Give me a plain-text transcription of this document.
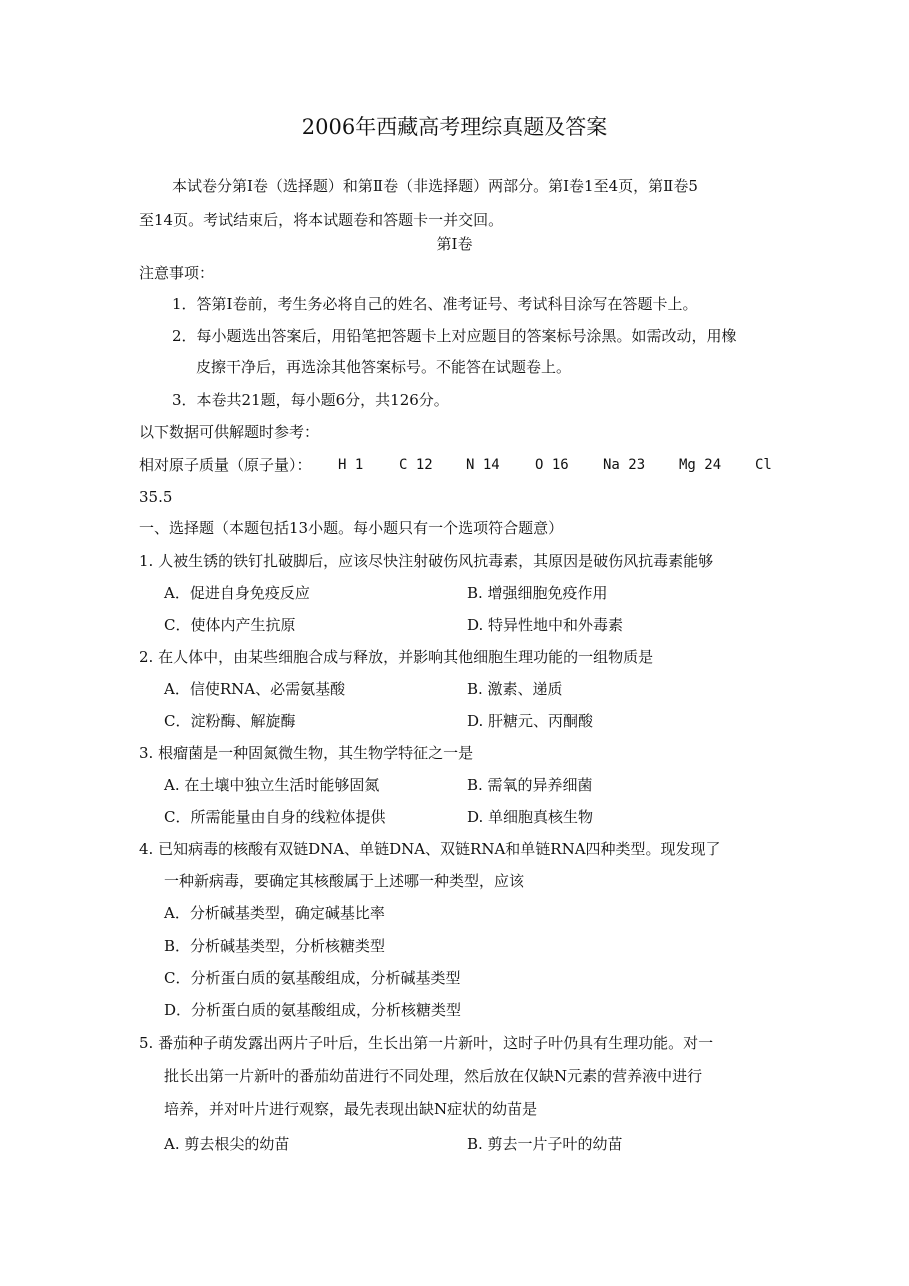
2006年西藏高考理综真题及答案
本试卷分第Ⅰ卷（选择题）和第Ⅱ卷（非选择题）两部分。第Ⅰ卷1至4页，第Ⅱ卷5
至14页。考试结束后，将本试题卷和答题卡一并交回。
第Ⅰ卷
注意事项：
1．答第Ⅰ卷前，考生务必将自己的姓名、准考证号、考试科目涂写在答题卡上。
2．每小题选出答案后，用铅笔把答题卡上对应题目的答案标号涂黑。如需改动，用橡
皮擦干净后，再选涂其他答案标号。不能答在试题卷上。
3．本卷共21题，每小题6分，共126分。
以下数据可供解题时参考：
相对原子质量（原子量）： H 1	C 12 N 14	O 16 Na 23 Mg 24 Cl
35.5
一、选择题（本题包括13小题。每小题只有一个选项符合题意）
1. 人被生锈的铁钉扎破脚后，应该尽快注射破伤风抗毒素，其原因是破伤风抗毒素能够
A．促进自身免疫反应	B. 增强细胞免疫作用
C．使体内产生抗原	D. 特异性地中和外毒素
2. 在人体中，由某些细胞合成与释放，并影响其他细胞生理功能的一组物质是
A．信使RNA、必需氨基酸	B. 激素、递质
C．淀粉酶、解旋酶	D. 肝糖元、丙酮酸
3. 根瘤菌是一种固氮微生物，其生物学特征之一是
A. 在土壤中独立生活时能够固氮	B. 需氧的异养细菌
C．所需能量由自身的线粒体提供	D. 单细胞真核生物
4. 已知病毒的核酸有双链DNA、单链DNA、双链RNA和单链RNA四种类型。现发现了
一种新病毒，要确定其核酸属于上述哪一种类型，应该
A．分析碱基类型，确定碱基比率
B．分析碱基类型，分析核糖类型
C．分析蛋白质的氨基酸组成，分析碱基类型
D．分析蛋白质的氨基酸组成，分析核糖类型
5. 番茄种子萌发露出两片子叶后，生长出第一片新叶，这时子叶仍具有生理功能。对一
批长出第一片新叶的番茄幼苗进行不同处理，然后放在仅缺N元素的营养液中进行
培养，并对叶片进行观察，最先表现出缺N症状的幼苗是
A. 剪去根尖的幼苗	B. 剪去一片子叶的幼苗
